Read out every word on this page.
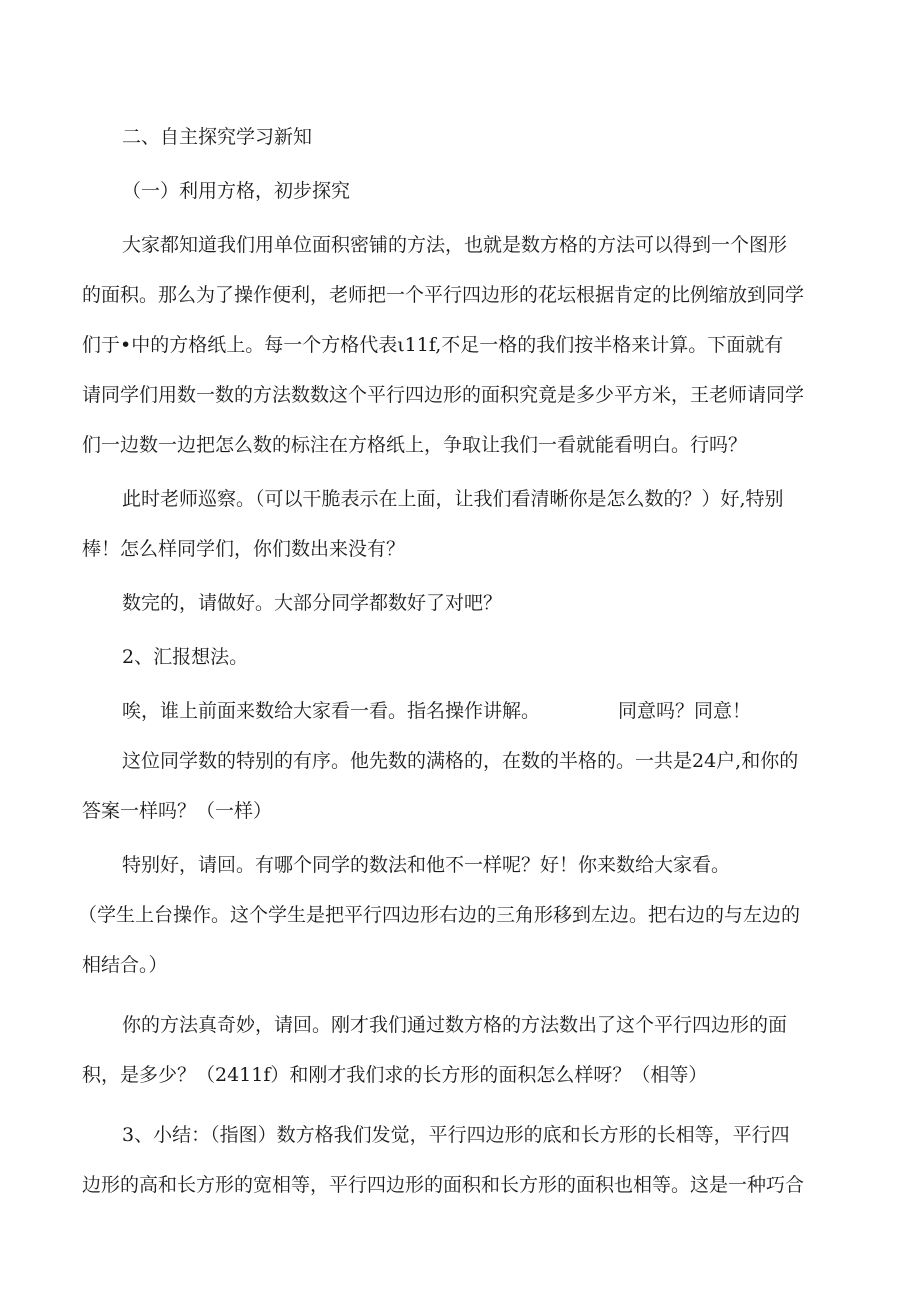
二、自主探究学习新知

（一）利用方格，初步探究

大家都知道我们用单位面积密铺的方法，也就是数方格的方法可以得到一个图形

的面积。那么为了操作便利，老师把一个平行四边形的花坛根据肯定的比例缩放到同学

们于•中的方格纸上。每一个方格代表ι11f,不足一格的我们按半格来计算。下面就有

请同学们用数一数的方法数数这个平行四边形的面积究竟是多少平方米，王老师请同学

们一边数一边把怎么数的标注在方格纸上，争取让我们一看就能看明白。行吗？

此时老师巡察。（可以干脆表示在上面，让我们看清晰你是怎么数的？）好,特别

棒！怎么样同学们，你们数出来没有？

数完的，请做好。大部分同学都数好了对吧？

2、汇报想法。

唉，谁上前面来数给大家看一看。指名操作讲解。	同意吗？同意！

这位同学数的特别的有序。他先数的满格的，在数的半格的。一共是24户,和你的

答案一样吗？（一样）

特别好，请回。有哪个同学的数法和他不一样呢？好！你来数给大家看。

（学生上台操作。这个学生是把平行四边形右边的三角形移到左边。把右边的与左边的

相结合。）

你的方法真奇妙，请回。刚才我们通过数方格的方法数出了这个平行四边形的面

积，是多少？（2411f）和刚才我们求的长方形的面积怎么样呀？（相等）

3、小结：（指图）数方格我们发觉，平行四边形的底和长方形的长相等，平行四

边形的高和长方形的宽相等，平行四边形的面积和长方形的面积也相等。这是一种巧合
